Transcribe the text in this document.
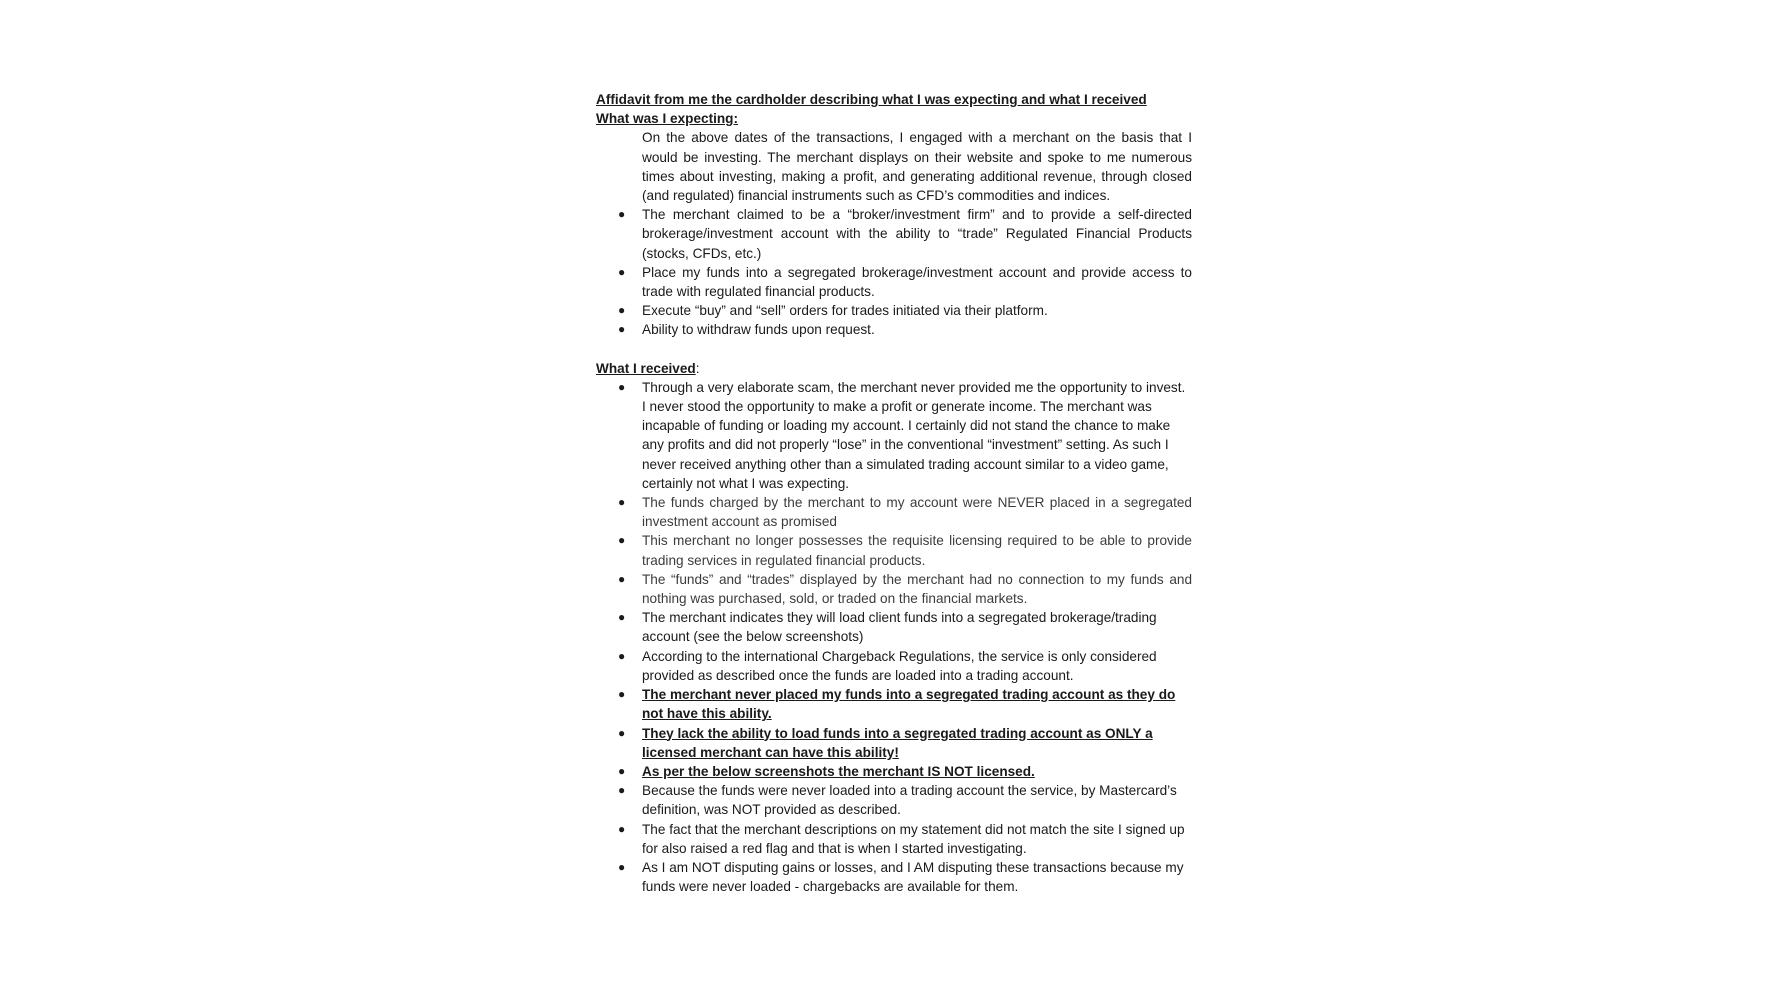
Affidavit from me the cardholder describing what I was expecting and what I received

What was I expecting:

On the above dates of the transactions, I engaged with a merchant on the basis that I would be investing. The merchant displays on their website and spoke to me numerous times about investing, making a profit, and generating additional revenue, through closed (and regulated) financial instruments such as CFD’s commodities and indices.

● The merchant claimed to be a “broker/investment firm” and to provide a self-directed brokerage/investment account with the ability to “trade” Regulated Financial Products (stocks, CFDs, etc.)
● Place my funds into a segregated brokerage/investment account and provide access to trade with regulated financial products.
● Execute “buy” and “sell” orders for trades initiated via their platform.
● Ability to withdraw funds upon request.

What I received:

● Through a very elaborate scam, the merchant never provided me the opportunity to invest. I never stood the opportunity to make a profit or generate income. The merchant was incapable of funding or loading my account. I certainly did not stand the chance to make any profits and did not properly “lose” in the conventional “investment” setting. As such I never received anything other than a simulated trading account similar to a video game, certainly not what I was expecting.
● The funds charged by the merchant to my account were NEVER placed in a segregated investment account as promised
● This merchant no longer possesses the requisite licensing required to be able to provide trading services in regulated financial products.
● The “funds” and “trades” displayed by the merchant had no connection to my funds and nothing was purchased, sold, or traded on the financial markets.
● The merchant indicates they will load client funds into a segregated brokerage/trading account (see the below screenshots)
● According to the international Chargeback Regulations, the service is only considered provided as described once the funds are loaded into a trading account.
● The merchant never placed my funds into a segregated trading account as they do not have this ability.
● They lack the ability to load funds into a segregated trading account as ONLY a licensed merchant can have this ability!
● As per the below screenshots the merchant IS NOT licensed.
● Because the funds were never loaded into a trading account the service, by Mastercard’s definition, was NOT provided as described.
● The fact that the merchant descriptions on my statement did not match the site I signed up for also raised a red flag and that is when I started investigating.
● As I am NOT disputing gains or losses, and I AM disputing these transactions because my funds were never loaded - chargebacks are available for them.
